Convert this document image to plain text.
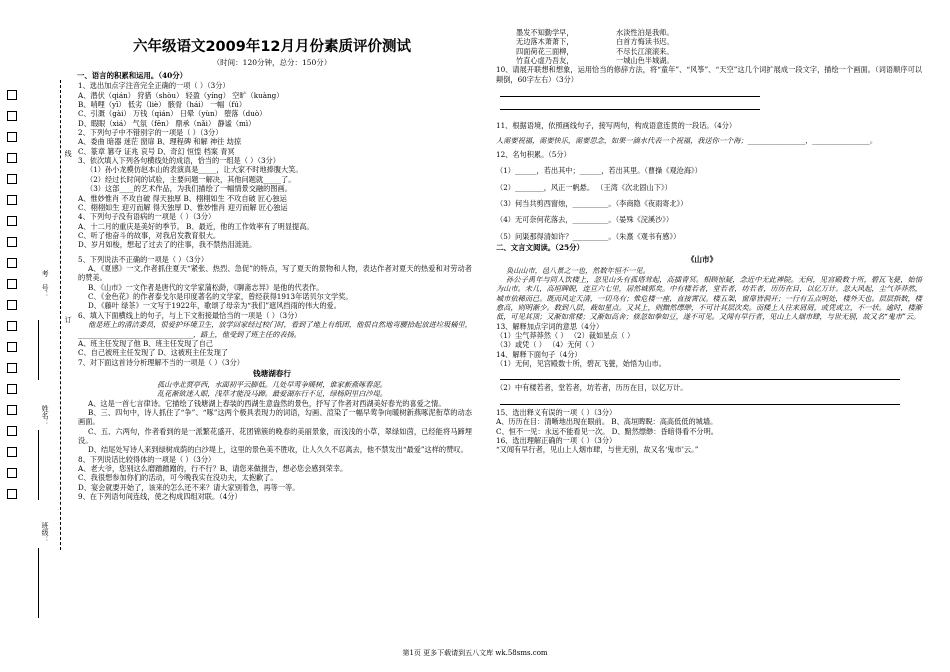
线
订
考　号：
姓名：
班级：
六年级语文2009年12月月份素质评价测试
（时间：120分钟，总分：150分）
一、语言的积累和运用。（40分）
1、选出加点字注音完全正确的一项（ ）（3分）
A、潜伏（qián） 狩猎（shòu） 轻盈（yíng） 空旷（kuàng）
B、哨哩（yī） 低劣（liè） 骸骨（hái） 一幅（fú）
C、引溉（gài） 万钱（qián） 日晕（yùn） 堕落（duò）
D、暇眼（xiá） 气氛（fēn） 鼎承（nǎi） 静谧（mì）
2、下列句子中不错别字的一项是（ ）（3分）
A、委曲 暗器 迷茫 窗扉 B、理程碑 和解 神往 劫掠
C、篆章 篡夺 证兆 哀号 D、奇幻 恒惶 档案 青冥
3、依次填入下列各句横线处的成语，恰当的一组是（ ）（3分）
（1）孙小龙模仿赵本山的表演真是_____，让大家不时地捧腹大笑。
（2）经过长时间的试验，主要问题一解决，其他问题就_____了。
（3）这部____的艺术作品，为我们描绘了一幅情景交融的图画。
A、惟妙惟肖 不攻自破 得天独厚 B、栩栩如生 不攻自破 匠心独运
C、栩栩如生 迎刃而解 得天独厚 D、惟妙惟肖 迎刃而解 匠心独运
4、下列句子没有语病的一项是（ ）（3分）
A、十二月的重庆是美好的季节。 B、最近，他的工作效率有了明显提高。
C、听了他奋斗的故事，对我启发教育很大。
D、岁月如梭，想起了过去了的往事，我不禁热泪涟涟。
5、下列说法不正确的一项是（ ）（3分）
A、《夏感》一文,作者抓住夏天“紧张、热烈、急促”的特点，写了夏天的景物和人物，表达作者对夏天的热爱和对劳动者的赞美。
B、《山市》一文作者是唐代的文学家蒲松龄，《聊斋志异》是他的代表作。
C、《金色花》的作者泰戈尔是印度著名的文学家，曾经获得1913年诺贝尔文学奖。
D、《藤叶 绿茶》一文写于1922年，歌颂了母亲为“我们”遮风挡雨的伟大的爱。
6、填入下面横线上的句子，与上下文衔接最恰当的一项是（ ）（3分）
他是班上的清洁委员，很爱护环境卫生，放学回家经过校门时，看到了地上有纸团，他很自然地弯腰拾起放进垃圾桶里，________________________________，路上，他受到了班主任的表扬。
A、班主任发现了他 B、班主任发现了自己
C、自己被班主任发现了 D、这被班主任发现了
7、对下面这首诗分析理解不当的一项是（ ）（3分）
钱塘湖春行
孤山寺北贾亭西，水面初平云脚低。几处早莺争暖树，谁家新燕啄春泥。
乱花渐欲迷人眼，浅草才能没马蹄。最爱湖东行不足，绿杨阴里白沙堤。
A、这是一首七言律诗。它描绘了钱塘湖上春装的西湖生意盎然的景色，抒写了作者对西湖美好春光的喜爱之情。
B、三、四句中，诗人抓住了“争”、“啄”这两个极具表现力的词语，勾画、渲染了一幅早莺争向暖树新燕啄泥衔草的动态画面。
C、五、六两句，作者看到的是一派繁花盛开、花团锦簇的晚春的美丽景象，而浅浅的小草，翠绿如茵，已经能将马蹄埋没。
D、结尾处写诗人来到绿树成荫的白沙堤上，这里的景色美不胜收，让人久久不忍离去，他不禁发出“最爱”这样的赞叹。
8、下列说话比较得体的一项是（ ）（3分）
A、老大爷，您别这么磨蹭蹭蹭的，行不行？B、请您来做报告，想必您会感到荣幸。
C、我很想参加你们的活动，可今晚我实在没功夫，太抱歉了。
D、宴会就要开始了，该来的怎么还不来？请大家别着急，再等一等。
9、在下列语句间连线，使之构成四组对联。（4分）
墨发不知勤学早，	水淡性泊是我师。
无边落木萧萧下，	白首方悔读书迟。
四面荷花三面柳，	不尽长江滚滚来。
竹直心虚乃吾友，	一城山色半城湖。
10、请展开联想和想象，运用恰当的修辞方法，将“童年”、“风筝”、“天空”这几个词扩展成一段文字，描绘一个画面。（词语顺序可以颠倒，60字左右）（3分）
11、根据语境，依照画线句子，接写两句，构成语意连贯的一段话。（4分）
人需要祝福，需要快乐，需要思念，如果一滴水代表一个祝福，我送你一个海；________________，________________。
12、名句积累。（5分）
（1）______，若出其中；______，若出其里。（曹操《观沧海》）
（2）________，风正一帆悬。 （王湾《次北固山下》）
（3）何当共剪西窗烛，__________。（李商隐《夜雨寄北》）
（4）无可奈何花落去，__________。（晏殊《浣溪沙》）
（5）问渠那得清如许？__________。（朱熹《观书有感》）
二、文言文阅读。（25分）
《山市》
奂山山市，邑八景之一也，然数年恒不一见。
孙公子禹年与同人饮楼上，忽见山头有孤塔耸起，高插青冥。相顾惊疑，念近中无此禅院。无何，见宫殿数十所，碧瓦飞甍，始悟为山市。未几，高垣睥睨，连亘六七里，居然城郭矣。中有楼若者，堂若者，坊若者，历历在目，以亿万计。忽大风起，尘气莽莽然，城市依稀而已。既而风定天清，一切乌有；惟危楼一座，直接霄汉。楼五架，窗扉皆洞开；一行有五点明处，楼外天也。层层指数，楼愈高，则明渐少。数到八层，裁如星点。又其上，则黯然缥缈，不可计其层次矣。而楼上人往来屑屑，或凭或立，不一状。逾时，楼渐低，可见其顶；又渐如常楼；又渐如高舍；倏忽如拳如豆，遂不可见。又闻有早行者，见山上人烟市肆，与世无别，故又名“鬼市”云。
13、解释加点字词的意思（4分）
（1）尘气莽莽然（ ） （2）裁如星点（ ）
（3）或凭（ ） （4）无何（ ）
14、解释下面句子（4分）
（1）无何，见宫殿数十所，碧瓦飞甍，始悟为山市。
（2）中有楼若者，堂若者，坊若者，历历在目，以亿万计。
15、选出释义有误的一项（ ）（3分）
A、历历在目：清晰地出现在眼前。 B、高垣睥睨：高高低低的城墙。
C、恒不一见：永远不能看见一次。 D、黯然缥缈：昏暗得看不分明。
16、选出理解正确的一项（ ）（3分）
“又闻有早行者，见山上人烟市肆，与世无别，故又名‘鬼市’云。”
第1页 更多下载请到五八文库 wk.58sms.com
